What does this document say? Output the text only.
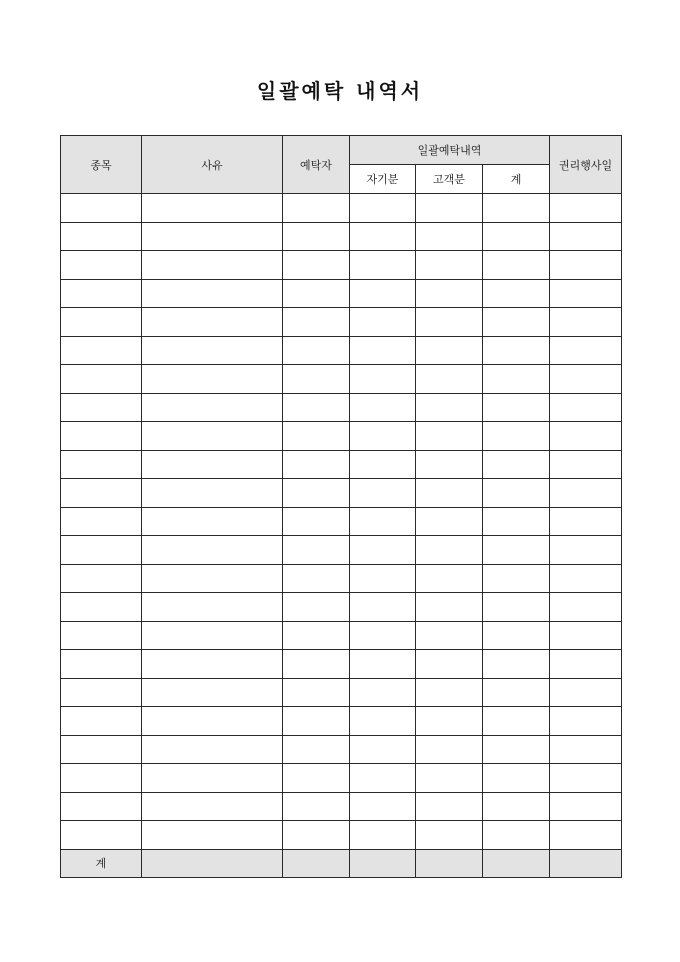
일괄예탁 내역서
종목	사유	예탁자	일괄예탁내역			권리행사일
			자기분	고객분	계	

계						
